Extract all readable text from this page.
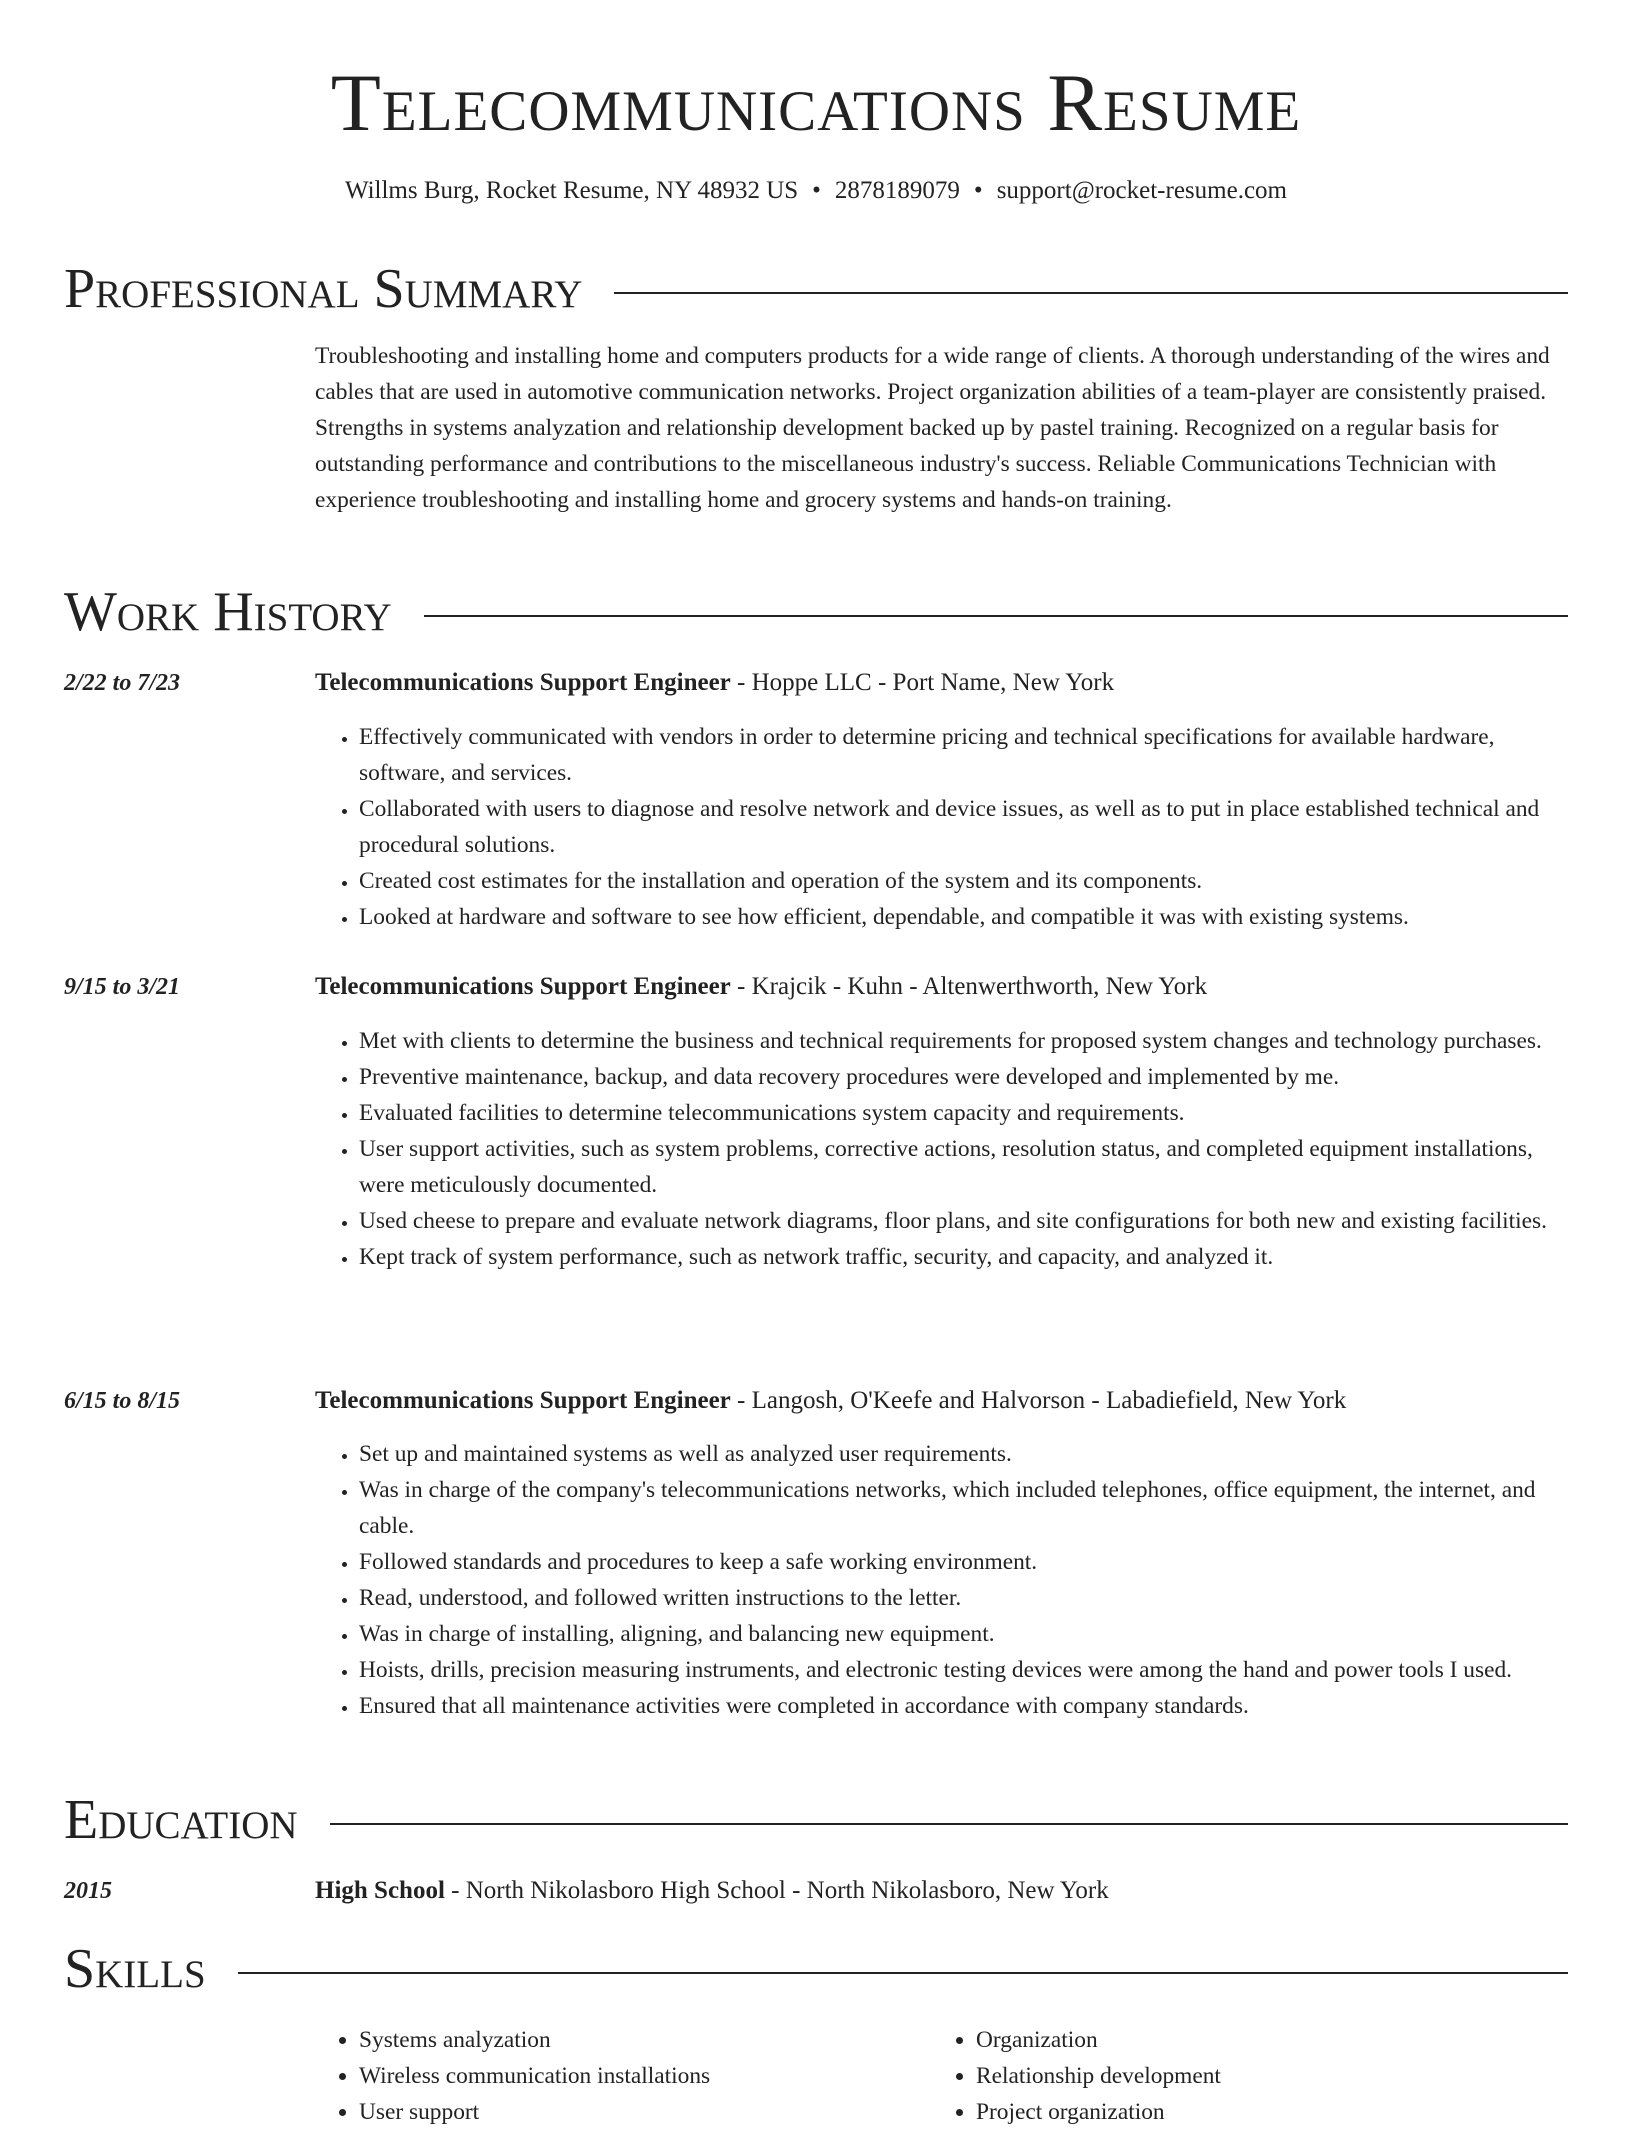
Telecommunications Resume
Willms Burg, Rocket Resume, NY 48932 US • 2878189079 • support@rocket-resume.com
Professional Summary

Troubleshooting and installing home and computers products for a wide range of clients. A thorough understanding of the wires and cables that are used in automotive communication networks. Project organization abilities of a team-player are consistently praised. Strengths in systems analyzation and relationship development backed up by pastel training. Recognized on a regular basis for outstanding performance and contributions to the miscellaneous industry's success. Reliable Communications Technician with experience troubleshooting and installing home and grocery systems and hands-on training.

Work History
2/22 to 7/23	Telecommunications Support Engineer - Hoppe LLC - Port Name, New York
• Effectively communicated with vendors in order to determine pricing and technical specifications for available hardware, software, and services.
• Collaborated with users to diagnose and resolve network and device issues, as well as to put in place established technical and procedural solutions.
• Created cost estimates for the installation and operation of the system and its components.
• Looked at hardware and software to see how efficient, dependable, and compatible it was with existing systems.
9/15 to 3/21	Telecommunications Support Engineer - Krajcik - Kuhn - Altenwerthworth, New York
• Met with clients to determine the business and technical requirements for proposed system changes and technology purchases.
• Preventive maintenance, backup, and data recovery procedures were developed and implemented by me.
• Evaluated facilities to determine telecommunications system capacity and requirements.
• User support activities, such as system problems, corrective actions, resolution status, and completed equipment installations, were meticulously documented.
• Used cheese to prepare and evaluate network diagrams, floor plans, and site configurations for both new and existing facilities.
• Kept track of system performance, such as network traffic, security, and capacity, and analyzed it.
6/15 to 8/15	Telecommunications Support Engineer - Langosh, O'Keefe and Halvorson - Labadiefield, New York
• Set up and maintained systems as well as analyzed user requirements.
• Was in charge of the company's telecommunications networks, which included telephones, office equipment, the internet, and cable.
• Followed standards and procedures to keep a safe working environment.
• Read, understood, and followed written instructions to the letter.
• Was in charge of installing, aligning, and balancing new equipment.
• Hoists, drills, precision measuring instruments, and electronic testing devices were among the hand and power tools I used.
• Ensured that all maintenance activities were completed in accordance with company standards.
Education
2015	High School - North Nikolasboro High School - North Nikolasboro, New York
Skills
• Systems analyzation
• Wireless communication installations
• User support
• Organization
• Relationship development
• Project organization
